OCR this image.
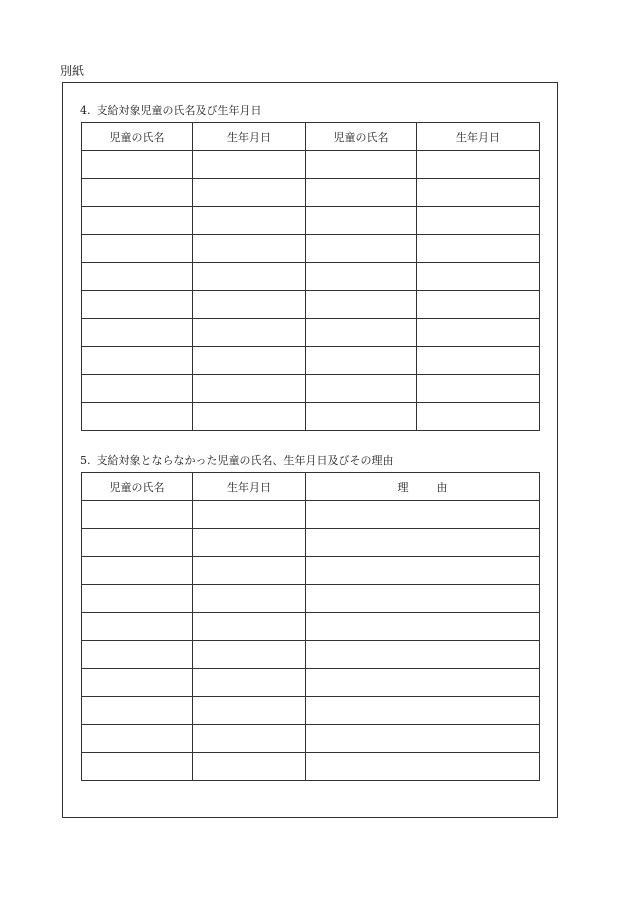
別紙
4. 支給対象児童の氏名及び生年月日
児童の氏名	生年月日	児童の氏名	生年月日

5. 支給対象とならなかった児童の氏名、生年月日及びその理由
児童の氏名	生年月日	理 由
